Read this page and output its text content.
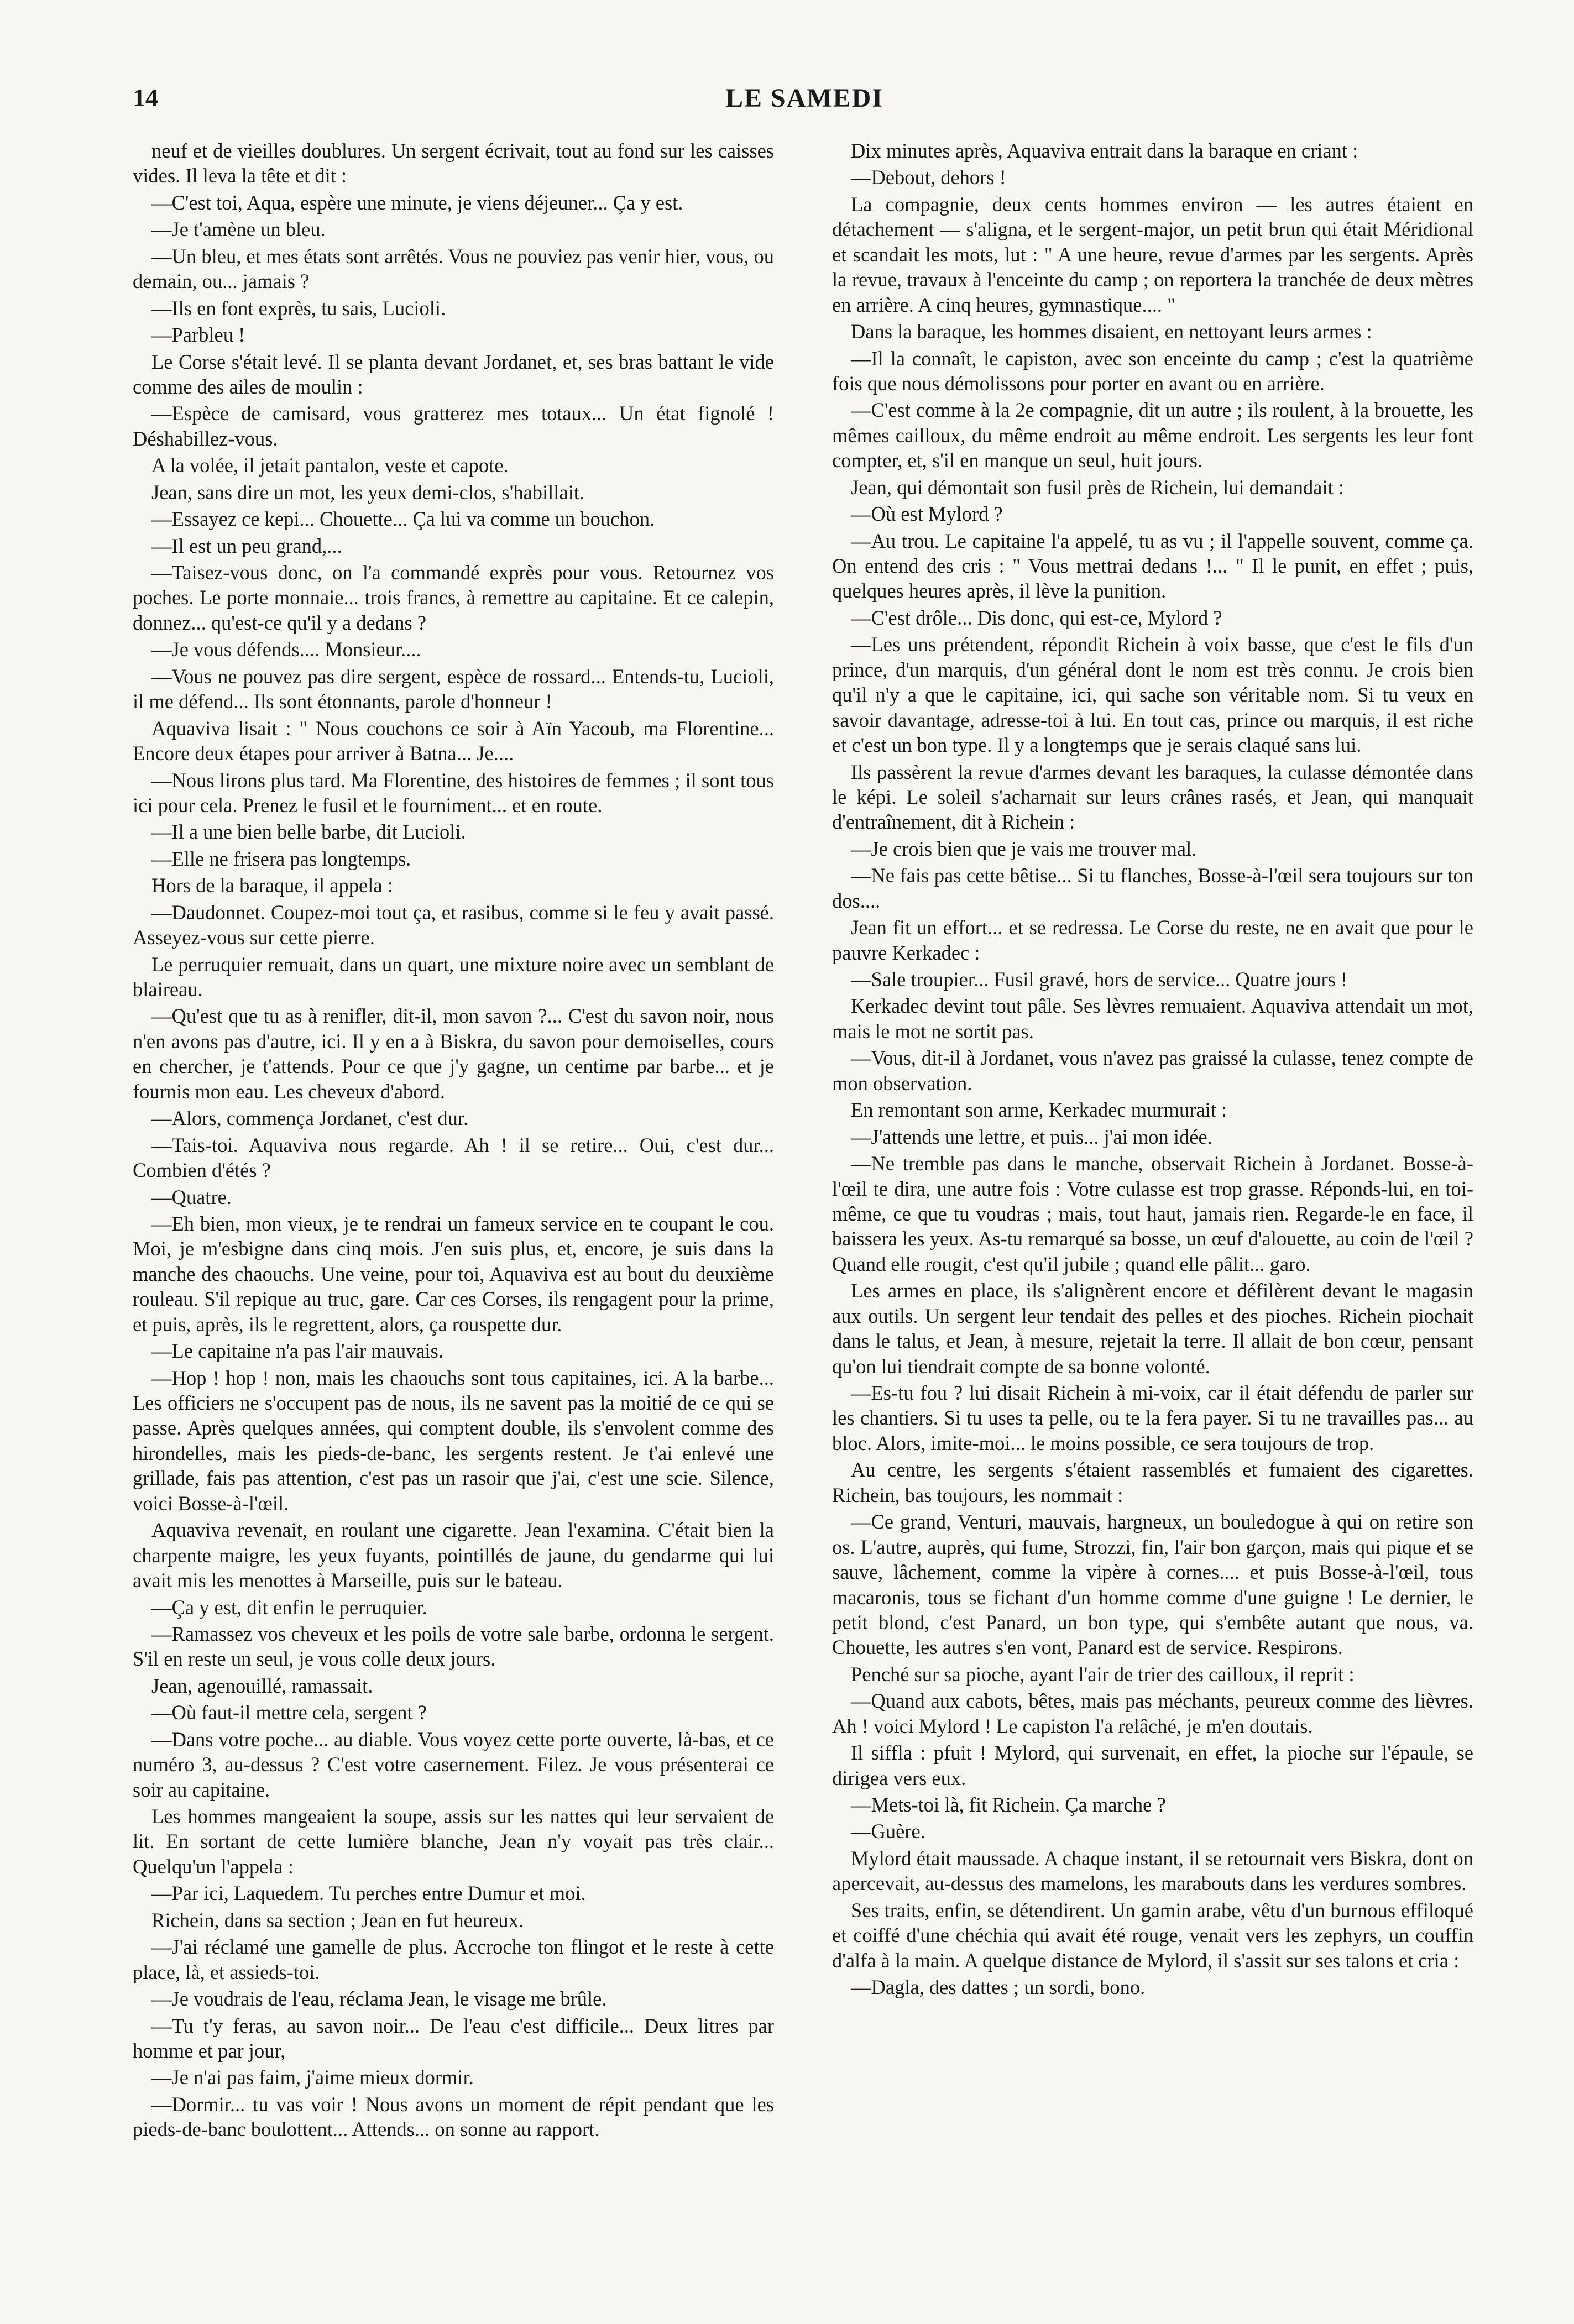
14	LE SAMEDI

neuf et de vieilles doublures. Un sergent écrivait, tout au fond sur les caisses vides. Il leva la tête et dit :

—C'est toi, Aqua, espère une minute, je viens déjeuner... Ça y est.

—Je t'amène un bleu.

—Un bleu, et mes états sont arrêtés. Vous ne pouviez pas venir hier, vous, ou demain, ou... jamais ?

—Ils en font exprès, tu sais, Lucioli.

—Parbleu !

Le Corse s'était levé. Il se planta devant Jordanet, et, ses bras battant le vide comme des ailes de moulin :

—Espèce de camisard, vous gratterez mes totaux... Un état fignolé ! Déshabillez-vous.

A la volée, il jetait pantalon, veste et capote.

Jean, sans dire un mot, les yeux demi-clos, s'habillait.

—Essayez ce kepi... Chouette... Ça lui va comme un bouchon.

—Il est un peu grand,...

—Taisez-vous donc, on l'a commandé exprès pour vous. Retournez vos poches. Le porte monnaie... trois francs, à remettre au capitaine. Et ce calepin, donnez... qu'est-ce qu'il y a dedans ?

—Je vous défends.... Monsieur....

—Vous ne pouvez pas dire sergent, espèce de rossard... Entends-tu, Lucioli, il me défend... Ils sont étonnants, parole d'honneur !

Aquaviva lisait : " Nous couchons ce soir à Aïn Yacoub, ma Florentine... Encore deux étapes pour arriver à Batna... Je....

—Nous lirons plus tard. Ma Florentine, des histoires de femmes ; il sont tous ici pour cela. Prenez le fusil et le fourniment... et en route.

—Il a une bien belle barbe, dit Lucioli.

—Elle ne frisera pas longtemps.

Hors de la baraque, il appela :

—Daudonnet. Coupez-moi tout ça, et rasibus, comme si le feu y avait passé. Asseyez-vous sur cette pierre.

Le perruquier remuait, dans un quart, une mixture noire avec un semblant de blaireau.

—Qu'est que tu as à renifler, dit-il, mon savon ?... C'est du savon noir, nous n'en avons pas d'autre, ici. Il y en a à Biskra, du savon pour demoiselles, cours en chercher, je t'attends. Pour ce que j'y gagne, un centime par barbe... et je fournis mon eau. Les cheveux d'abord.

—Alors, commença Jordanet, c'est dur.

—Tais-toi. Aquaviva nous regarde. Ah ! il se retire... Oui, c'est dur... Combien d'étés ?

—Quatre.

—Eh bien, mon vieux, je te rendrai un fameux service en te coupant le cou. Moi, je m'esbigne dans cinq mois. J'en suis plus, et, encore, je suis dans la manche des chaouchs. Une veine, pour toi, Aquaviva est au bout du deuxième rouleau. S'il repique au truc, gare. Car ces Corses, ils rengagent pour la prime, et puis, après, ils le regrettent, alors, ça rouspette dur.

—Le capitaine n'a pas l'air mauvais.

—Hop ! hop ! non, mais les chaouchs sont tous capitaines, ici. A la barbe... Les officiers ne s'occupent pas de nous, ils ne savent pas la moitié de ce qui se passe. Après quelques années, qui comptent double, ils s'envolent comme des hirondelles, mais les pieds-de-banc, les sergents restent. Je t'ai enlevé une grillade, fais pas attention, c'est pas un rasoir que j'ai, c'est une scie. Silence, voici Bosse-à-l'œil.

Aquaviva revenait, en roulant une cigarette. Jean l'examina. C'était bien la charpente maigre, les yeux fuyants, pointillés de jaune, du gendarme qui lui avait mis les menottes à Marseille, puis sur le bateau.

—Ça y est, dit enfin le perruquier.

—Ramassez vos cheveux et les poils de votre sale barbe, ordonna le sergent. S'il en reste un seul, je vous colle deux jours.

Jean, agenouillé, ramassait.

—Où faut-il mettre cela, sergent ?

—Dans votre poche... au diable. Vous voyez cette porte ouverte, là-bas, et ce numéro 3, au-dessus ? C'est votre casernement. Filez. Je vous présenterai ce soir au capitaine.

Les hommes mangeaient la soupe, assis sur les nattes qui leur servaient de lit. En sortant de cette lumière blanche, Jean n'y voyait pas très clair... Quelqu'un l'appela :

—Par ici, Laquedem. Tu perches entre Dumur et moi.

Richein, dans sa section ; Jean en fut heureux.

—J'ai réclamé une gamelle de plus. Accroche ton flingot et le reste à cette place, là, et assieds-toi.

—Je voudrais de l'eau, réclama Jean, le visage me brûle.

—Tu t'y feras, au savon noir... De l'eau c'est difficile... Deux litres par homme et par jour,

—Je n'ai pas faim, j'aime mieux dormir.

—Dormir... tu vas voir ! Nous avons un moment de répit pendant que les pieds-de-banc boulottent... Attends... on sonne au rapport.

Dix minutes après, Aquaviva entrait dans la baraque en criant :

—Debout, dehors !

La compagnie, deux cents hommes environ — les autres étaient en détachement — s'aligna, et le sergent-major, un petit brun qui était Méridional et scandait les mots, lut : " A une heure, revue d'armes par les sergents. Après la revue, travaux à l'enceinte du camp ; on reportera la tranchée de deux mètres en arrière. A cinq heures, gymnastique.... "

Dans la baraque, les hommes disaient, en nettoyant leurs armes :

—Il la connaît, le capiston, avec son enceinte du camp ; c'est la quatrième fois que nous démolissons pour porter en avant ou en arrière.

—C'est comme à la 2e compagnie, dit un autre ; ils roulent, à la brouette, les mêmes cailloux, du même endroit au même endroit. Les sergents les leur font compter, et, s'il en manque un seul, huit jours.

Jean, qui démontait son fusil près de Richein, lui demandait :

—Où est Mylord ?

—Au trou. Le capitaine l'a appelé, tu as vu ; il l'appelle souvent, comme ça. On entend des cris : " Vous mettrai dedans !... " Il le punit, en effet ; puis, quelques heures après, il lève la punition.

—C'est drôle... Dis donc, qui est-ce, Mylord ?

—Les uns prétendent, répondit Richein à voix basse, que c'est le fils d'un prince, d'un marquis, d'un général dont le nom est très connu. Je crois bien qu'il n'y a que le capitaine, ici, qui sache son véritable nom. Si tu veux en savoir davantage, adresse-toi à lui. En tout cas, prince ou marquis, il est riche et c'est un bon type. Il y a longtemps que je serais claqué sans lui.

Ils passèrent la revue d'armes devant les baraques, la culasse démontée dans le képi. Le soleil s'acharnait sur leurs crânes rasés, et Jean, qui manquait d'entraînement, dit à Richein :

—Je crois bien que je vais me trouver mal.

—Ne fais pas cette bêtise... Si tu flanches, Bosse-à-l'œil sera toujours sur ton dos....

Jean fit un effort... et se redressa. Le Corse du reste, ne en avait que pour le pauvre Kerkadec :

—Sale troupier... Fusil gravé, hors de service... Quatre jours !

Kerkadec devint tout pâle. Ses lèvres remuaient. Aquaviva attendait un mot, mais le mot ne sortit pas.

—Vous, dit-il à Jordanet, vous n'avez pas graissé la culasse, tenez compte de mon observation.

En remontant son arme, Kerkadec murmurait :

—J'attends une lettre, et puis... j'ai mon idée.

—Ne tremble pas dans le manche, observait Richein à Jordanet. Bosse-à-l'œil te dira, une autre fois : Votre culasse est trop grasse. Réponds-lui, en toi-même, ce que tu voudras ; mais, tout haut, jamais rien. Regarde-le en face, il baissera les yeux. As-tu remarqué sa bosse, un œuf d'alouette, au coin de l'œil ? Quand elle rougit, c'est qu'il jubile ; quand elle pâlit... garo.

Les armes en place, ils s'alignèrent encore et défilèrent devant le magasin aux outils. Un sergent leur tendait des pelles et des pioches. Richein piochait dans le talus, et Jean, à mesure, rejetait la terre. Il allait de bon cœur, pensant qu'on lui tiendrait compte de sa bonne volonté.

—Es-tu fou ? lui disait Richein à mi-voix, car il était défendu de parler sur les chantiers. Si tu uses ta pelle, ou te la fera payer. Si tu ne travailles pas... au bloc. Alors, imite-moi... le moins possible, ce sera toujours de trop.

Au centre, les sergents s'étaient rassemblés et fumaient des cigarettes. Richein, bas toujours, les nommait :

—Ce grand, Venturi, mauvais, hargneux, un bouledogue à qui on retire son os. L'autre, auprès, qui fume, Strozzi, fin, l'air bon garçon, mais qui pique et se sauve, lâchement, comme la vipère à cornes.... et puis Bosse-à-l'œil, tous macaronis, tous se fichant d'un homme comme d'une guigne ! Le dernier, le petit blond, c'est Panard, un bon type, qui s'embête autant que nous, va. Chouette, les autres s'en vont, Panard est de service. Respirons.

Penché sur sa pioche, ayant l'air de trier des cailloux, il reprit :

—Quand aux cabots, bêtes, mais pas méchants, peureux comme des lièvres. Ah ! voici Mylord ! Le capiston l'a relâché, je m'en doutais.

Il siffla : pfuit ! Mylord, qui survenait, en effet, la pioche sur l'épaule, se dirigea vers eux.

—Mets-toi là, fit Richein. Ça marche ?

—Guère.

Mylord était maussade. A chaque instant, il se retournait vers Biskra, dont on apercevait, au-dessus des mamelons, les marabouts dans les verdures sombres.

Ses traits, enfin, se détendirent. Un gamin arabe, vêtu d'un burnous effiloqué et coiffé d'une chéchia qui avait été rouge, venait vers les zephyrs, un couffin d'alfa à la main. A quelque distance de Mylord, il s'assit sur ses talons et cria :

—Dagla, des dattes ; un sordi, bono.
